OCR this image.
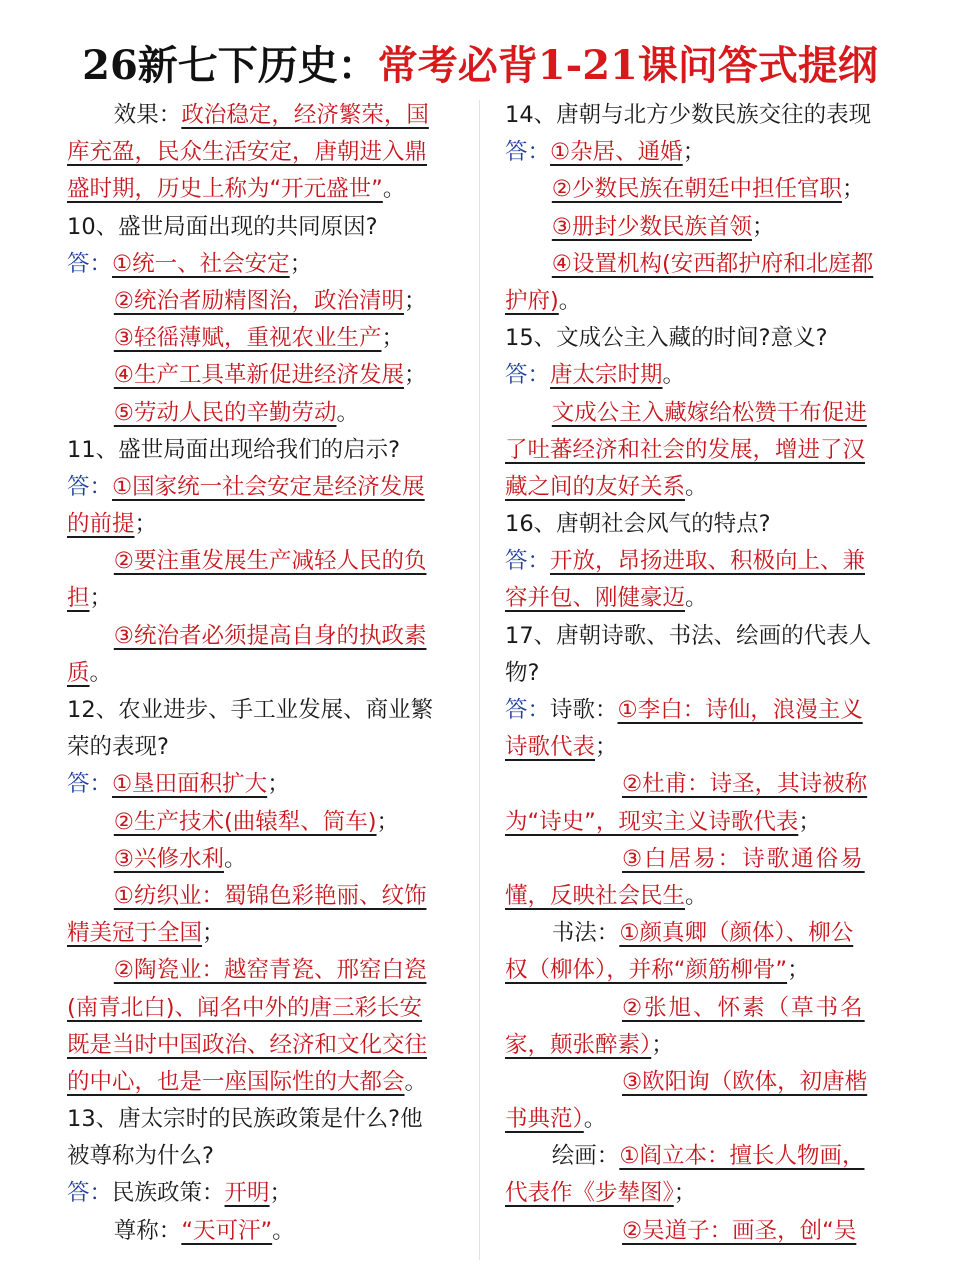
26新七下历史：常考必背1-21课问答式提纲
效果：政治稳定，经济繁荣，国
库充盈，民众生活安定，唐朝进入鼎
盛时期，历史上称为“开元盛世”。
10、盛世局面出现的共同原因?
答：①统一、社会安定；
②统治者励精图治，政治清明；
③轻徭薄赋，重视农业生产；
④生产工具革新促进经济发展；
⑤劳动人民的辛勤劳动。
11、盛世局面出现给我们的启示?
答：①国家统一社会安定是经济发展
的前提；
②要注重发展生产减轻人民的负
担；
③统治者必须提高自身的执政素
质。
12、农业进步、手工业发展、商业繁
荣的表现?
答：①垦田面积扩大；
②生产技术(曲辕犁、筒车)；
③兴修水利。
①纺织业：蜀锦色彩艳丽、纹饰
精美冠于全国；
②陶瓷业：越窑青瓷、邢窑白瓷
(南青北白)、闻名中外的唐三彩长安
既是当时中国政治、经济和文化交往
的中心，也是一座国际性的大都会。
13、唐太宗时的民族政策是什么?他
被尊称为什么?
答：民族政策：开明；
尊称：“天可汗”。
14、唐朝与北方少数民族交往的表现
答：①杂居、通婚；
②少数民族在朝廷中担任官职；
③册封少数民族首领；
④设置机构(安西都护府和北庭都
护府)。
15、文成公主入藏的时间?意义?
答：唐太宗时期。
文成公主入藏嫁给松赞干布促进
了吐蕃经济和社会的发展，增进了汉
藏之间的友好关系。
16、唐朝社会风气的特点?
答：开放，昂扬进取、积极向上、兼
容并包、刚健豪迈。
17、唐朝诗歌、书法、绘画的代表人
物?
答：诗歌：①李白：诗仙，浪漫主义
诗歌代表；
②杜甫：诗圣，其诗被称
为“诗史”，现实主义诗歌代表；
③白居易：诗歌通俗易
懂，反映社会民生。
书法：①颜真卿（颜体）、柳公
权（柳体），并称“颜筋柳骨”；
②张旭、怀素（草书名
家，颠张醉素）；
③欧阳询（欧体，初唐楷
书典范）。
绘画：①阎立本：擅长人物画，
代表作《步辇图》；
②吴道子：画圣，创“吴
